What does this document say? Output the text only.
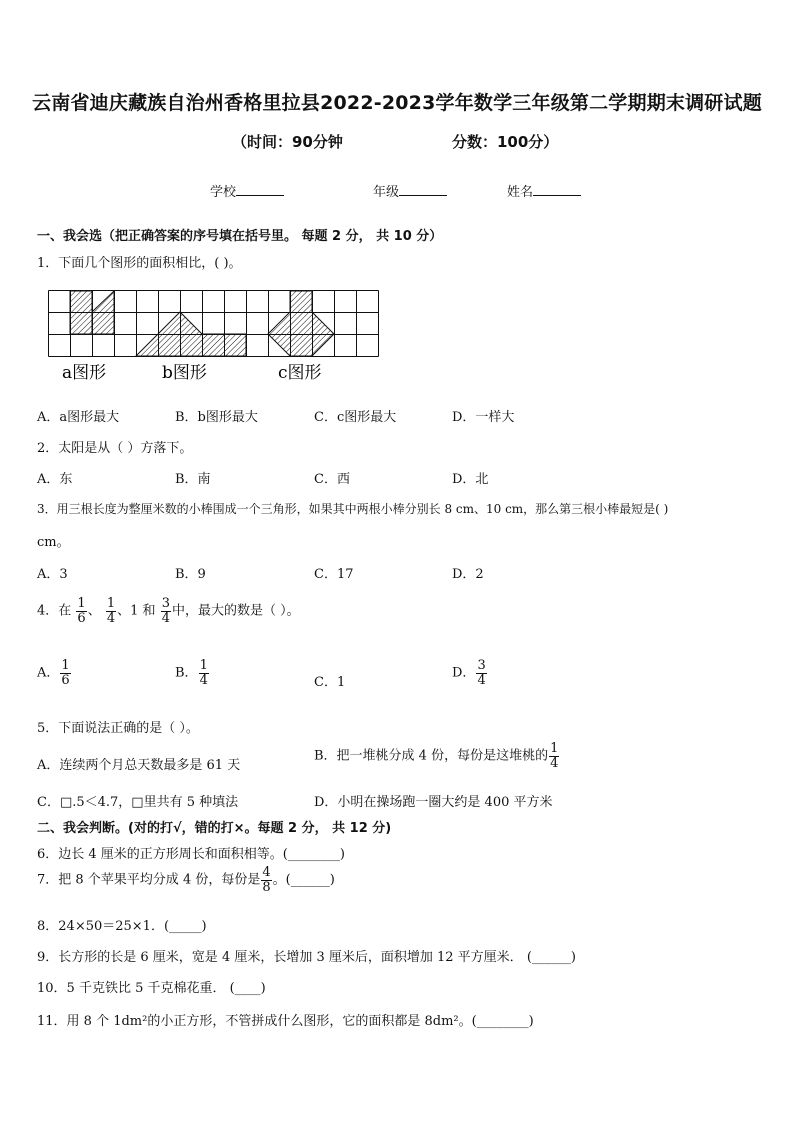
云南省迪庆藏族自治州香格里拉县2022-2023学年数学三年级第二学期期末调研试题
（时间：90分钟	分数：100分）
学校	年级	姓名
一、我会选（把正确答案的序号填在括号里。 每题 2 分， 共 10 分）
1．下面几个图形的面积相比，( )。
a图形	b图形	c图形
A．a图形最大	B．b图形最大	C．c图形最大	D．一样大
2．太阳是从（ ）方落下。
A．东	B．南	C．西	D．北
3．用三根长度为整厘米数的小棒围成一个三角形，如果其中两根小棒分别长 8 cm、10 cm，那么第三根小棒最短是( )
cm。
A．3	B．9	C．17	D．2
4．在 $\frac{1}{6}$ 、 $\frac{1}{4}$ 、1 和 $\frac{3}{4}$ 中，最大的数是（ ）。
A． $\frac{1}{6}$	B． $\frac{1}{4}$	C．1
D． $\frac{3}{4}$
5．下面说法正确的是（ ）。
A．连续两个月总天数最多是 61 天
B．把一堆桃分成 4 份，每份是这堆桃的 $\frac{1}{4}$
C．□.5＜4.7，□里共有 5 种填法	D．小明在操场跑一圈大约是 400 平方米
二、我会判断。(对的打√，错的打×。每题 2 分， 共 12 分)
6．边长 4 厘米的正方形周长和面积相等。(________)
7．把 8 个苹果平均分成 4 份，每份是 $\frac{4}{8}$ 。(______)
8．24×50＝25×1．(_____)
9．长方形的长是 6 厘米，宽是 4 厘米，长增加 3 厘米后，面积增加 12 平方厘米． (______)
10．5 千克铁比 5 千克棉花重． (____)
11．用 8 个 1dm²的小正方形，不管拼成什么图形，它的面积都是 8dm²。(________)
